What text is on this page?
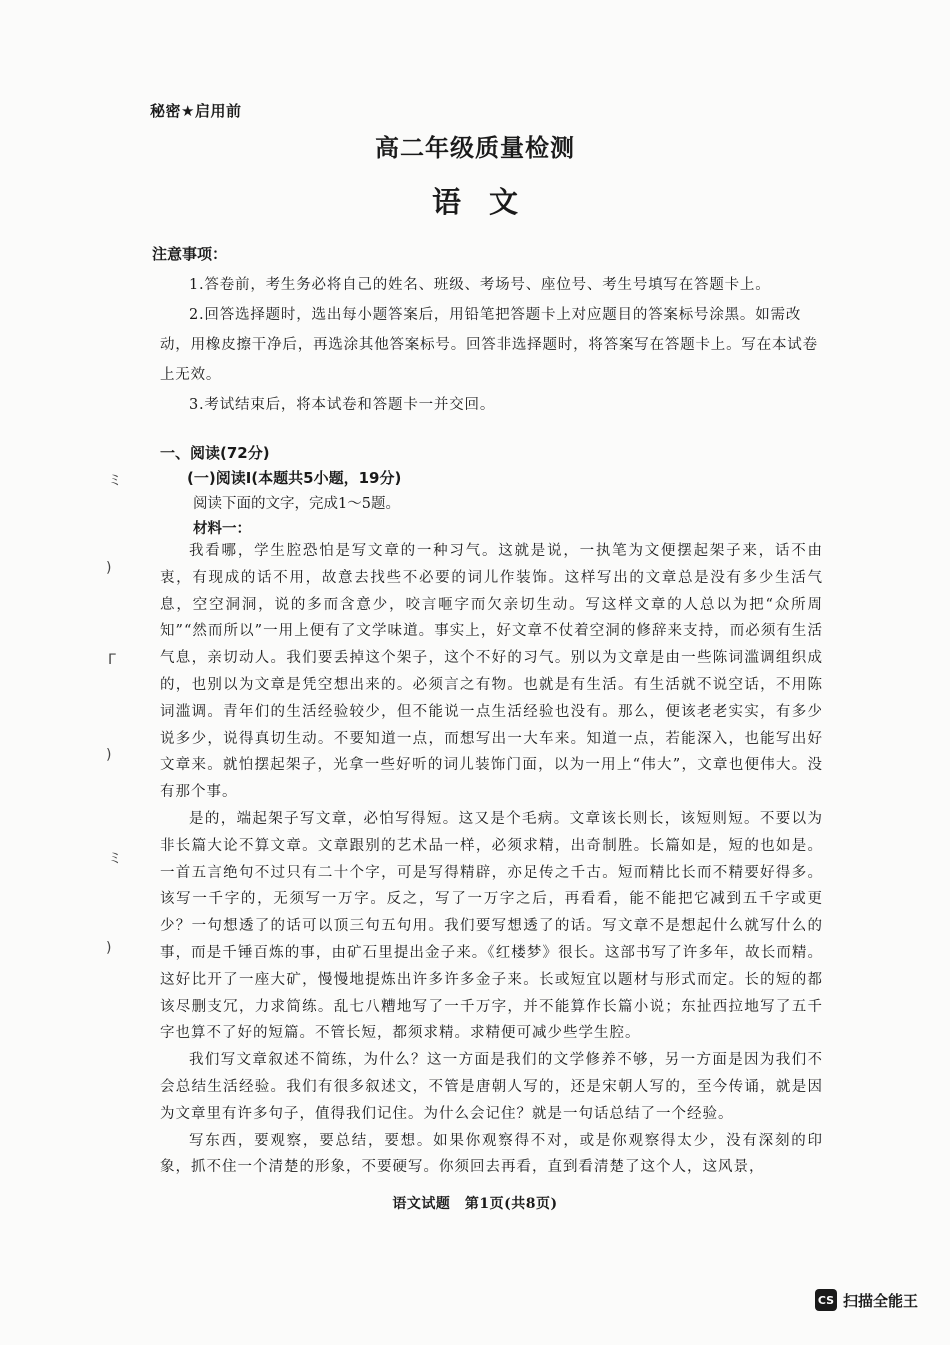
秘密★启用前
高二年级质量检测
语文
注意事项：

1.答卷前，考生务必将自己的姓名、班级、考场号、座位号、考生号填写在答题卡上。

2.回答选择题时，选出每小题答案后，用铅笔把答题卡上对应题目的答案标号涂黑。如需改动，用橡皮擦干净后，再选涂其他答案标号。回答非选择题时，将答案写在答题卡上。写在本试卷上无效。

3.考试结束后，将本试卷和答题卡一并交回。

一、阅读(72分)
(一)阅读Ⅰ(本题共5小题，19分)
阅读下面的文字，完成1～5题。
材料一：

我看哪，学生腔恐怕是写文章的一种习气。这就是说，一执笔为文便摆起架子来，话不由衷，有现成的话不用，故意去找些不必要的词儿作装饰。这样写出的文章总是没有多少生活气息，空空洞洞，说的多而含意少，咬言咂字而欠亲切生动。写这样文章的人总以为把“众所周知”“然而所以”一用上便有了文学味道。事实上，好文章不仗着空洞的修辞来支持，而必须有生活气息，亲切动人。我们要丢掉这个架子，这个不好的习气。别以为文章是由一些陈词滥调组织成的，也别以为文章是凭空想出来的。必须言之有物。也就是有生活。有生活就不说空话，不用陈词滥调。青年们的生活经验较少，但不能说一点生活经验也没有。那么，便该老老实实，有多少说多少，说得真切生动。不要知道一点，而想写出一大车来。知道一点，若能深入，也能写出好文章来。就怕摆起架子，光拿一些好听的词儿装饰门面，以为一用上“伟大”，文章也便伟大。没有那个事。

是的，端起架子写文章，必怕写得短。这又是个毛病。文章该长则长，该短则短。不要以为非长篇大论不算文章。文章跟别的艺术品一样，必须求精，出奇制胜。长篇如是，短的也如是。一首五言绝句不过只有二十个字，可是写得精辟，亦足传之千古。短而精比长而不精要好得多。该写一千字的，无须写一万字。反之，写了一万字之后，再看看，能不能把它减到五千字或更少？一句想透了的话可以顶三句五句用。我们要写想透了的话。写文章不是想起什么就写什么的事，而是千锤百炼的事，由矿石里提出金子来。《红楼梦》很长。这部书写了许多年，故长而精。这好比开了一座大矿，慢慢地提炼出许多许多金子来。长或短宜以题材与形式而定。长的短的都该尽删支冗，力求简练。乱七八糟地写了一千万字，并不能算作长篇小说；东扯西拉地写了五千字也算不了好的短篇。不管长短，都须求精。求精便可减少些学生腔。

我们写文章叙述不简练，为什么？这一方面是我们的文学修养不够，另一方面是因为我们不会总结生活经验。我们有很多叙述文，不管是唐朝人写的，还是宋朝人写的，至今传诵，就是因为文章里有许多句子，值得我们记住。为什么会记住？就是一句话总结了一个经验。

写东西，要观察，要总结，要想。如果你观察得不对，或是你观察得太少，没有深刻的印象，抓不住一个清楚的形象，不要硬写。你须回去再看，直到看清楚了这个人，这风景，

语文试题　第1页(共8页)
ミ
)
Γ
)
ミ
)
CS 扫描全能王
